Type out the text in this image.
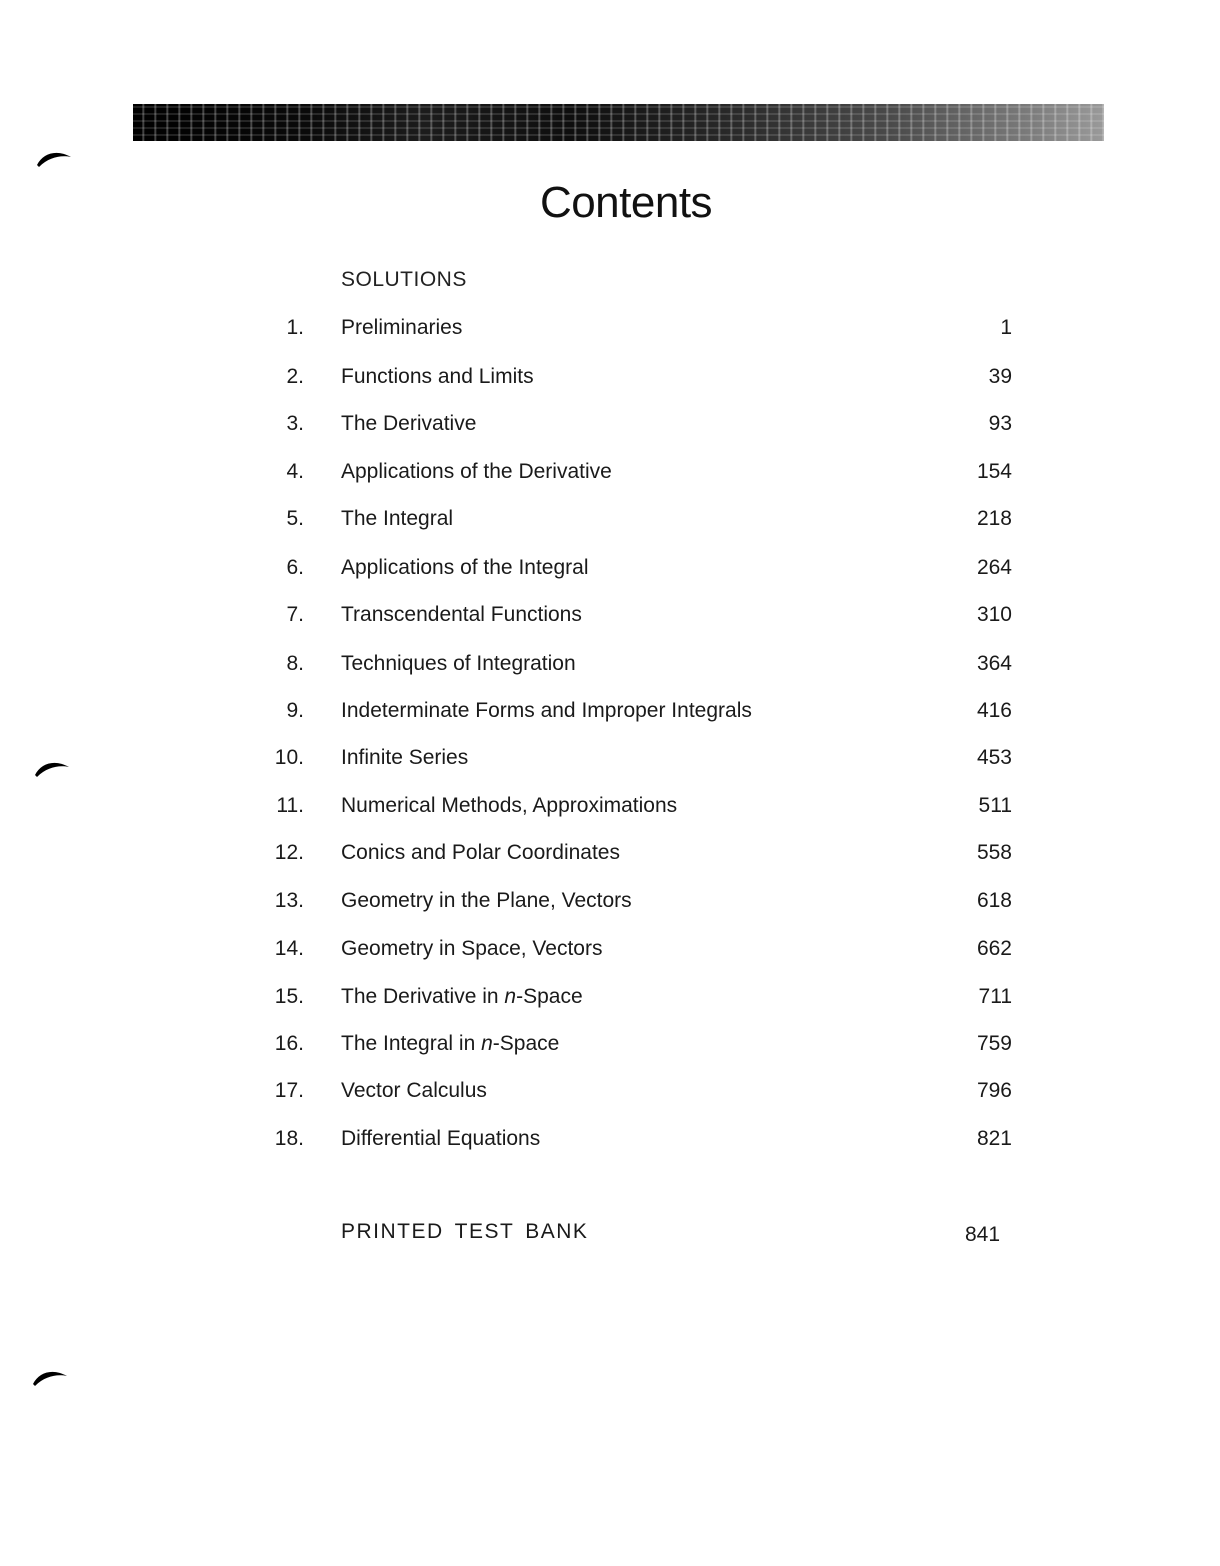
Contents
SOLUTIONS
1. Preliminaries	1
2. Functions and Limits	39
3. The Derivative	93
4. Applications of the Derivative	154
5. The Integral	218
6. Applications of the Integral	264
7. Transcendental Functions	310
8. Techniques of Integration	364
9. Indeterminate Forms and Improper Integrals	416
10. Infinite Series	453
11. Numerical Methods, Approximations	511
12. Conics and Polar Coordinates	558
13. Geometry in the Plane, Vectors	618
14. Geometry in Space, Vectors	662
15. The Derivative in n-Space	711
16. The Integral in n-Space	759
17. Vector Calculus	796
18. Differential Equations	821
PRINTED TEST BANK	841
